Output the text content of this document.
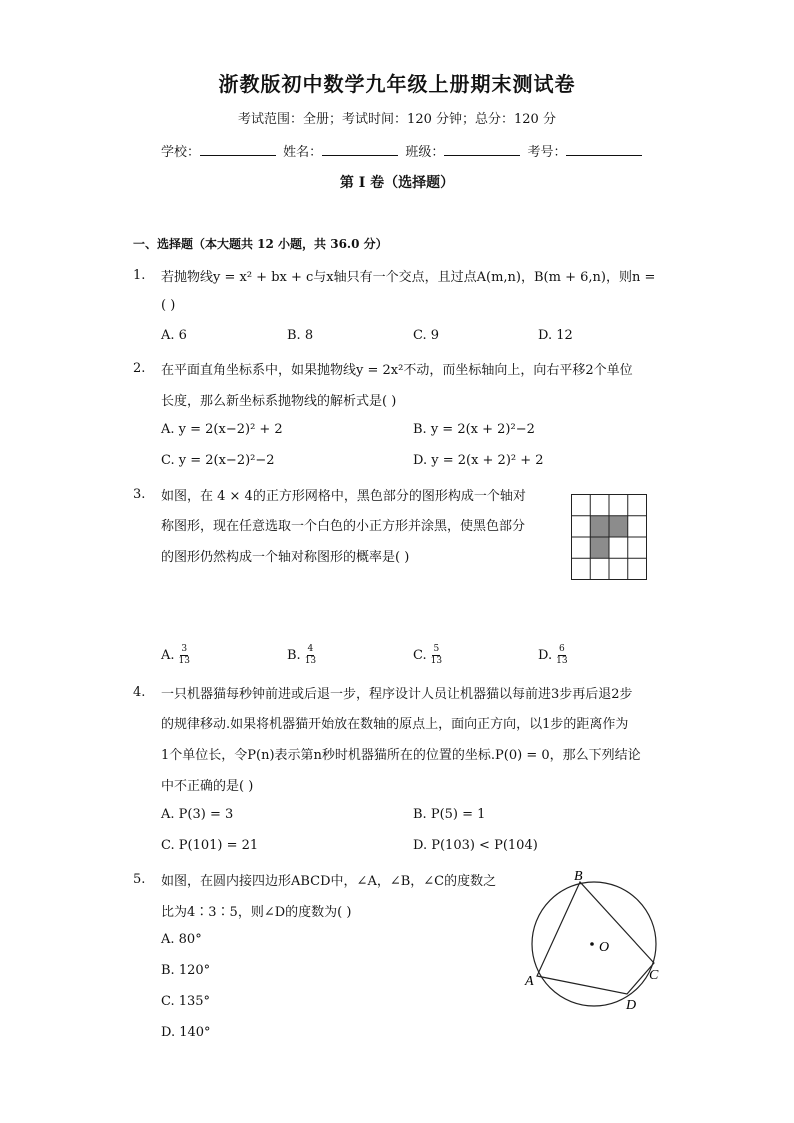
浙教版初中数学九年级上册期末测试卷
考试范围：全册；考试时间：120 分钟；总分：120 分
学校：	姓名：	班级：	考号：
第 I 卷（选择题）
一、选择题（本大题共 12 小题，共 36.0 分）
1. 若抛物线y = x² + bx + c与x轴只有一个交点，且过点A(m,n)，B(m + 6,n)，则n =
( )
A. 6	B. 8	C. 9	D. 12
2. 在平面直角坐标系中，如果抛物线y = 2x²不动，而坐标轴向上，向右平移2个单位
长度，那么新坐标系抛物线的解析式是( )
A. y = 2(x−2)² + 2	B. y = 2(x + 2)²−2
C. y = 2(x−2)²−2	D. y = 2(x + 2)² + 2
3. 如图，在 4 × 4的正方形网格中，黑色部分的图形构成一个轴对
称图形，现在任意选取一个白色的小正方形并涂黑，使黑色部分
的图形仍然构成一个轴对称图形的概率是( )
A. $\frac{3}{13}$	B. $\frac{4}{13}$	C. $\frac{5}{13}$	D. $\frac{6}{13}$
4. 一只机器猫每秒钟前进或后退一步，程序设计人员让机器猫以每前进3步再后退2步
的规律移动.如果将机器猫开始放在数轴的原点上，面向正方向，以1步的距离作为
1个单位长，令P(n)表示第n秒时机器猫所在的位置的坐标.P(0) = 0，那么下列结论
中不正确的是( )
A. P(3) = 3	B. P(5) = 1
C. P(101) = 21	D. P(103) < P(104)
5. 如图，在圆内接四边形ABCD中，∠A，∠B，∠C的度数之
比为4∶3∶5，则∠D的度数为( )
A. 80°
B. 120°
C. 135°
D. 140°
B
O
A	C
D
